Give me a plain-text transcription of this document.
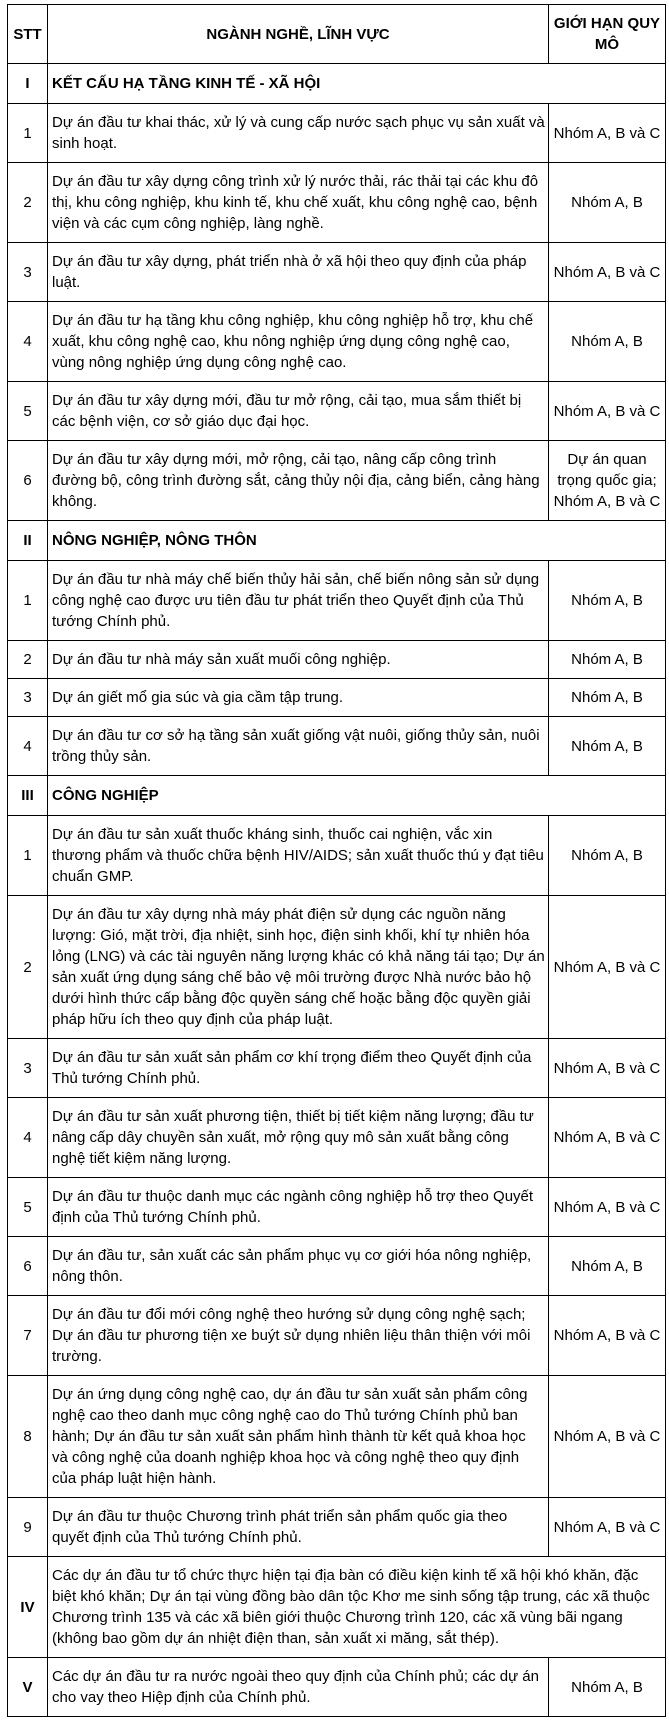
STT	NGÀNH NGHỀ, LĨNH VỰC	GIỚI HẠN QUY MÔ
I	KẾT CẤU HẠ TẦNG KINH TẾ - XÃ HỘI	
1	Dự án đầu tư khai thác, xử lý và cung cấp nước sạch phục vụ sản xuất và sinh hoạt.	Nhóm A, B và C
2	Dự án đầu tư xây dựng công trình xử lý nước thải, rác thải tại các khu đô thị, khu công nghiệp, khu kinh tế, khu chế xuất, khu công nghệ cao, bệnh viện và các cụm công nghiệp, làng nghề.	Nhóm A, B
3	Dự án đầu tư xây dựng, phát triển nhà ở xã hội theo quy định của pháp luật.	Nhóm A, B và C
4	Dự án đầu tư hạ tầng khu công nghiệp, khu công nghiệp hỗ trợ, khu chế xuất, khu công nghệ cao, khu nông nghiệp ứng dụng công nghệ cao, vùng nông nghiệp ứng dụng công nghệ cao.	Nhóm A, B
5	Dự án đầu tư xây dựng mới, đầu tư mở rộng, cải tạo, mua sắm thiết bị các bệnh viện, cơ sở giáo dục đại học.	Nhóm A, B và C
6	Dự án đầu tư xây dựng mới, mở rộng, cải tạo, nâng cấp công trình đường bộ, công trình đường sắt, cảng thủy nội địa, cảng biển, cảng hàng không.	Dự án quan trọng quốc gia; Nhóm A, B và C
II	NÔNG NGHIỆP, NÔNG THÔN	
1	Dự án đầu tư nhà máy chế biến thủy hải sản, chế biến nông sản sử dụng công nghệ cao được ưu tiên đầu tư phát triển theo Quyết định của Thủ tướng Chính phủ.	Nhóm A, B
2	Dự án đầu tư nhà máy sản xuất muối công nghiệp.	Nhóm A, B
3	Dự án giết mổ gia súc và gia cầm tập trung.	Nhóm A, B
4	Dự án đầu tư cơ sở hạ tầng sản xuất giống vật nuôi, giống thủy sản, nuôi trồng thủy sản.	Nhóm A, B
III	CÔNG NGHIỆP	
1	Dự án đầu tư sản xuất thuốc kháng sinh, thuốc cai nghiện, vắc xin thương phẩm và thuốc chữa bệnh HIV/AIDS; sản xuất thuốc thú y đạt tiêu chuẩn GMP.	Nhóm A, B
2	Dự án đầu tư xây dựng nhà máy phát điện sử dụng các nguồn năng lượng: Gió, mặt trời, địa nhiệt, sinh học, điện sinh khối, khí tự nhiên hóa lỏng (LNG) và các tài nguyên năng lượng khác có khả năng tái tạo; Dự án sản xuất ứng dụng sáng chế bảo vệ môi trường được Nhà nước bảo hộ dưới hình thức cấp bằng độc quyền sáng chế hoặc bằng độc quyền giải pháp hữu ích theo quy định của pháp luật.	Nhóm A, B và C
3	Dự án đầu tư sản xuất sản phẩm cơ khí trọng điểm theo Quyết định của Thủ tướng Chính phủ.	Nhóm A, B và C
4	Dự án đầu tư sản xuất phương tiện, thiết bị tiết kiệm năng lượng; đầu tư nâng cấp dây chuyền sản xuất, mở rộng quy mô sản xuất bằng công nghệ tiết kiệm năng lượng.	Nhóm A, B và C
5	Dự án đầu tư thuộc danh mục các ngành công nghiệp hỗ trợ theo Quyết định của Thủ tướng Chính phủ.	Nhóm A, B và C
6	Dự án đầu tư, sản xuất các sản phẩm phục vụ cơ giới hóa nông nghiệp, nông thôn.	Nhóm A, B
7	Dự án đầu tư đổi mới công nghệ theo hướng sử dụng công nghệ sạch; Dự án đầu tư phương tiện xe buýt sử dụng nhiên liệu thân thiện với môi trường.	Nhóm A, B và C
8	Dự án ứng dụng công nghệ cao, dự án đầu tư sản xuất sản phẩm công nghệ cao theo danh mục công nghệ cao do Thủ tướng Chính phủ ban hành; Dự án đầu tư sản xuất sản phẩm hình thành từ kết quả khoa học và công nghệ của doanh nghiệp khoa học và công nghệ theo quy định của pháp luật hiện hành.	Nhóm A, B và C
9	Dự án đầu tư thuộc Chương trình phát triển sản phẩm quốc gia theo quyết định của Thủ tướng Chính phủ.	Nhóm A, B và C
IV	Các dự án đầu tư tổ chức thực hiện tại địa bàn có điều kiện kinh tế xã hội khó khăn, đặc biệt khó khăn; Dự án tại vùng đồng bào dân tộc Khơ me sinh sống tập trung, các xã thuộc Chương trình 135 và các xã biên giới thuộc Chương trình 120, các xã vùng bãi ngang (không bao gồm dự án nhiệt điện than, sản xuất xi măng, sắt thép).	
V	Các dự án đầu tư ra nước ngoài theo quy định của Chính phủ; các dự án cho vay theo Hiệp định của Chính phủ.	Nhóm A, B
